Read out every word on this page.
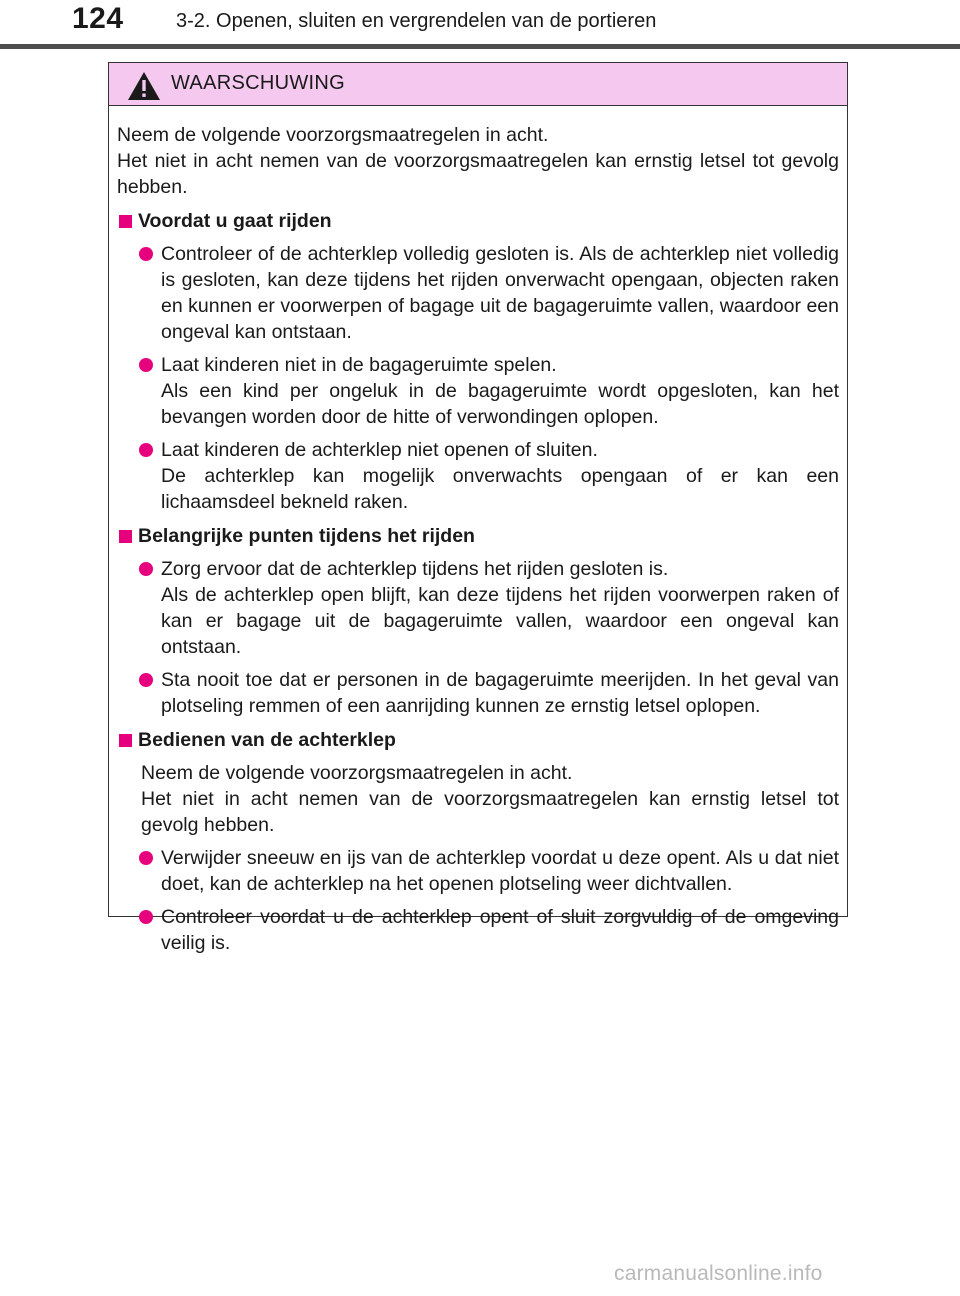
124	3-2. Openen, sluiten en vergrendelen van de portieren
WAARSCHUWING

Neem de volgende voorzorgsmaatregelen in acht.

Het niet in acht nemen van de voorzorgsmaatregelen kan ernstig letsel tot gevolg hebben.

Voordat u gaat rijden
Controleer of de achterklep volledig gesloten is. Als de achterklep niet volledig is gesloten, kan deze tijdens het rijden onverwacht opengaan, objecten raken en kunnen er voorwerpen of bagage uit de bagageruimte vallen, waardoor een ongeval kan ontstaan.
Laat kinderen niet in de bagageruimte spelen.
Als een kind per ongeluk in de bagageruimte wordt opgesloten, kan het bevangen worden door de hitte of verwondingen oplopen.
Laat kinderen de achterklep niet openen of sluiten.
De achterklep kan mogelijk onverwachts opengaan of er kan een lichaamsdeel bekneld raken.
Belangrijke punten tijdens het rijden
Zorg ervoor dat de achterklep tijdens het rijden gesloten is.
Als de achterklep open blijft, kan deze tijdens het rijden voorwerpen raken of kan er bagage uit de bagageruimte vallen, waardoor een ongeval kan ontstaan.
Sta nooit toe dat er personen in de bagageruimte meerijden. In het geval van plotseling remmen of een aanrijding kunnen ze ernstig letsel oplopen.
Bedienen van de achterklep
Neem de volgende voorzorgsmaatregelen in acht.
Het niet in acht nemen van de voorzorgsmaatregelen kan ernstig letsel tot gevolg hebben.
Verwijder sneeuw en ijs van de achterklep voordat u deze opent. Als u dat niet doet, kan de achterklep na het openen plotseling weer dichtvallen.
Controleer voordat u de achterklep opent of sluit zorgvuldig of de omgeving veilig is.
carmanualsonline.info
